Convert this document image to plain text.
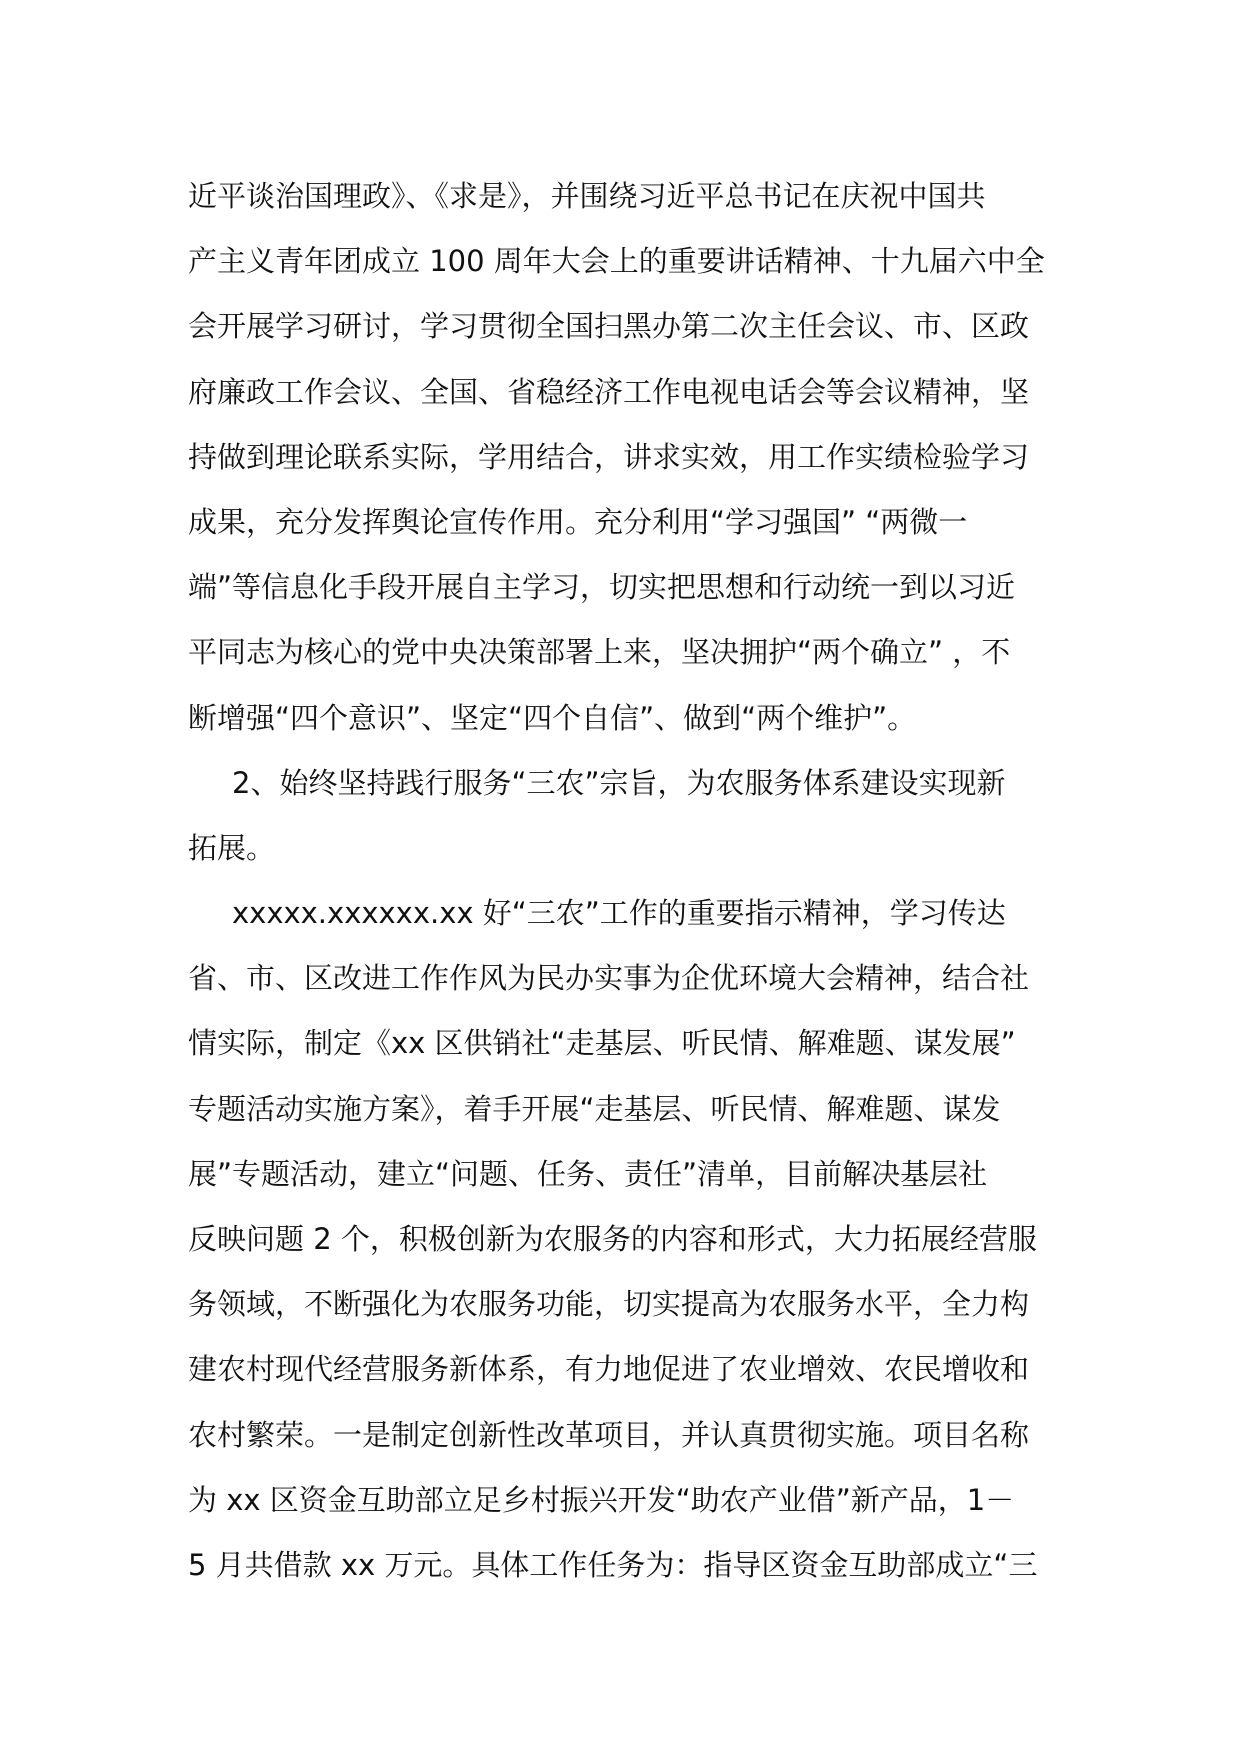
近平谈治国理政》、《求是》，并围绕习近平总书记在庆祝中国共
产主义青年团成立 100 周年大会上的重要讲话精神、十九届六中全
会开展学习研讨，学习贯彻全国扫黑办第二次主任会议、市、区政
府廉政工作会议、全国、省稳经济工作电视电话会等会议精神，坚
持做到理论联系实际，学用结合，讲求实效，用工作实绩检验学习
成果，充分发挥舆论宣传作用。充分利用“学习强国” “两微一
端”等信息化手段开展自主学习，切实把思想和行动统一到以习近
平同志为核心的党中央决策部署上来，坚决拥护“两个确立” ，不
断增强“四个意识”、坚定“四个自信”、做到“两个维护”。
2、始终坚持践行服务“三农”宗旨，为农服务体系建设实现新
拓展。
xxxxx.xxxxxx.xx 好“三农”工作的重要指示精神，学习传达
省、市、区改进工作作风为民办实事为企优环境大会精神，结合社
情实际，制定《xx 区供销社“走基层、听民情、解难题、谋发展”
专题活动实施方案》，着手开展“走基层、听民情、解难题、谋发
展”专题活动，建立“问题、任务、责任”清单，目前解决基层社
反映问题 2 个，积极创新为农服务的内容和形式，大力拓展经营服
务领域，不断强化为农服务功能，切实提高为农服务水平，全力构
建农村现代经营服务新体系，有力地促进了农业增效、农民增收和
农村繁荣。一是制定创新性改革项目，并认真贯彻实施。项目名称
为 xx 区资金互助部立足乡村振兴开发“助农产业借”新产品，1－
5 月共借款 xx 万元。具体工作任务为：指导区资金互助部成立“三
